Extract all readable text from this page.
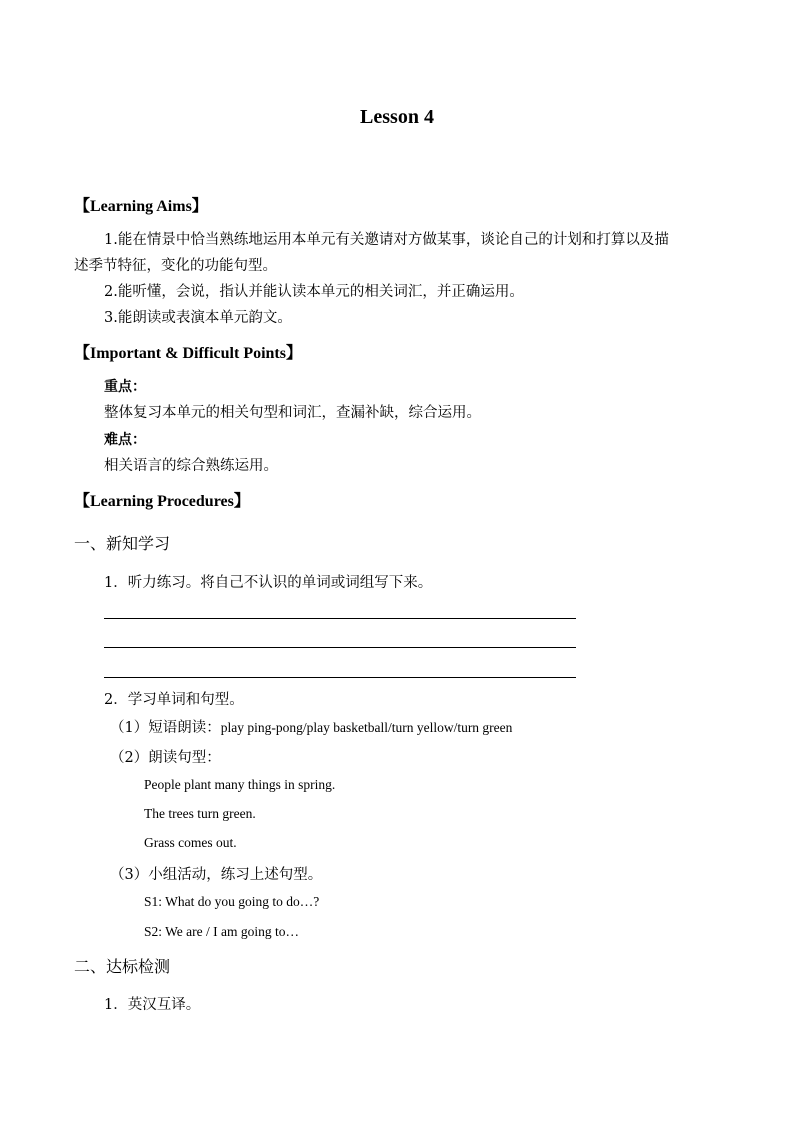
Lesson 4
【Learning Aims】
1.能在情景中恰当熟练地运用本单元有关邀请对方做某事，谈论自己的计划和打算以及描
述季节特征，变化的功能句型。
2.能听懂，会说，指认并能认读本单元的相关词汇，并正确运用。
3.能朗读或表演本单元韵文。
【Important & Difficult Points】
重点：
整体复习本单元的相关句型和词汇，查漏补缺，综合运用。
难点：
相关语言的综合熟练运用。
【Learning Procedures】
一、新知学习
1．听力练习。将自己不认识的单词或词组写下来。
2．学习单词和句型。
（1）短语朗读：play ping-pong/play basketball/turn yellow/turn green
（2）朗读句型：
People plant many things in spring.
The trees turn green.
Grass comes out.
（3）小组活动，练习上述句型。
S1: What do you going to do…?
S2: We are / I am going to…
二、达标检测
1．英汉互译。
